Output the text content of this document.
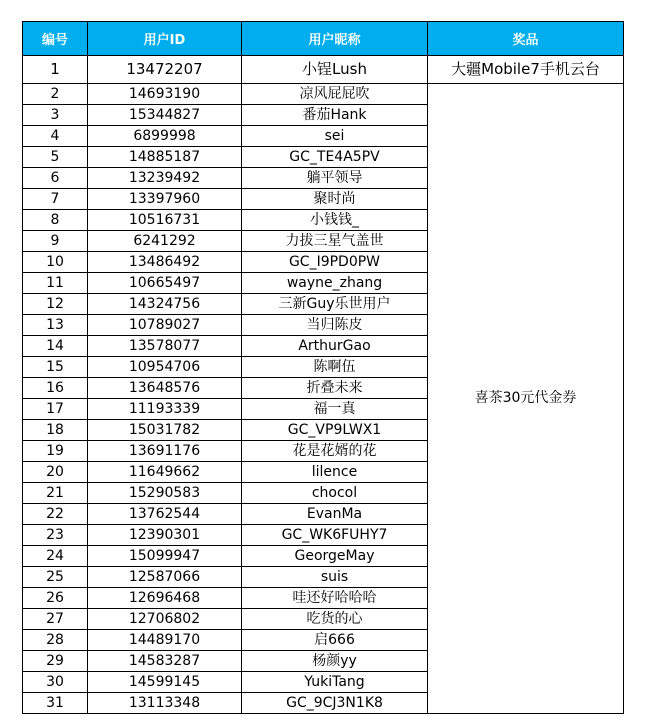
编号	用户ID	用户昵称	奖品
1	13472207	小锃Lush	大疆Mobile7手机云台
2	14693190	凉风屁屁吹	喜茶30元代金券
3	15344827	番茄Hank	
4	6899998	sei	
5	14885187	GC_TE4A5PV	
6	13239492	躺平领导	
7	13397960	聚时尚	
8	10516731	小钱钱_	
9	6241292	力拔三星气盖世	
10	13486492	GC_I9PD0PW	
11	10665497	wayne_zhang	
12	14324756	三新Guy乐世用户	
13	10789027	当归陈皮	
14	13578077	ArthurGao	
15	10954706	陈啊伍	
16	13648576	折叠未来	
17	11193339	福一真	
18	15031782	GC_VP9LWX1	
19	13691176	花是花婿的花	
20	11649662	lilence	
21	15290583	chocol	
22	13762544	EvanMa	
23	12390301	GC_WK6FUHY7	
24	15099947	GeorgeMay	
25	12587066	suis	
26	12696468	哇还好哈哈哈	
27	12706802	吃货的心	
28	14489170	启666	
29	14583287	杨颜yy	
30	14599145	YukiTang	
31	13113348	GC_9CJ3N1K8	
